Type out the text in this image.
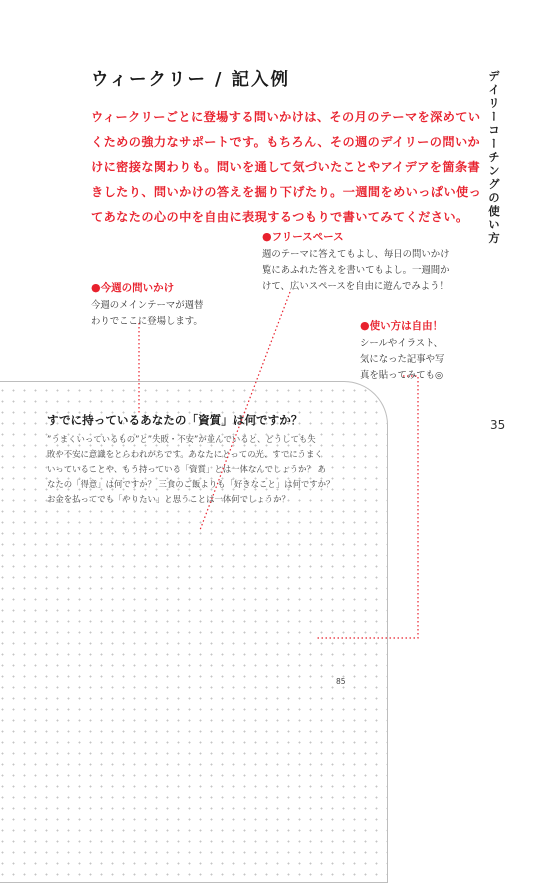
ウィークリー / 記入例
ウィークリーごとに登場する問いかけは、その月のテーマを深めてい
くための強力なサポートです。もちろん、その週のデイリーの問いか
けに密接な関わりも。問いを通して気づいたことやアイデアを箇条書
きしたり、問いかけの答えを掘り下げたり。一週間をめいっぱい使っ
てあなたの心の中を自由に表現するつもりで書いてみてください。 デイリーコーチングの使い方
35

すでに持っているあなたの「資質」は何ですか？

”うまくいっているもの”と”失敗・不安”が並んでいると、どうしても失
敗や不安に意識をとらわれがちです。あなたにとっての光、すでにうまく
いっていることや、もう持っている「資質」とは一体なんでしょうか？ あ
なたの「得意」は何ですか？ 三食のご飯よりも「好きなこと」は何ですか？
お金を払ってでも「やりたい」と思うことは一体何でしょうか？
85
●フリースペース
週のテーマに答えてもよし、毎日の問いかけ
覧にあふれた答えを書いてもよし。一週間か
けて、広いスペースを自由に遊んでみよう！
●今週の問いかけ
今週のメインテーマが週替
わりでここに登場します。	●使い方は自由！
シールやイラスト、
気になった記事や写
真を貼ってみても◎
